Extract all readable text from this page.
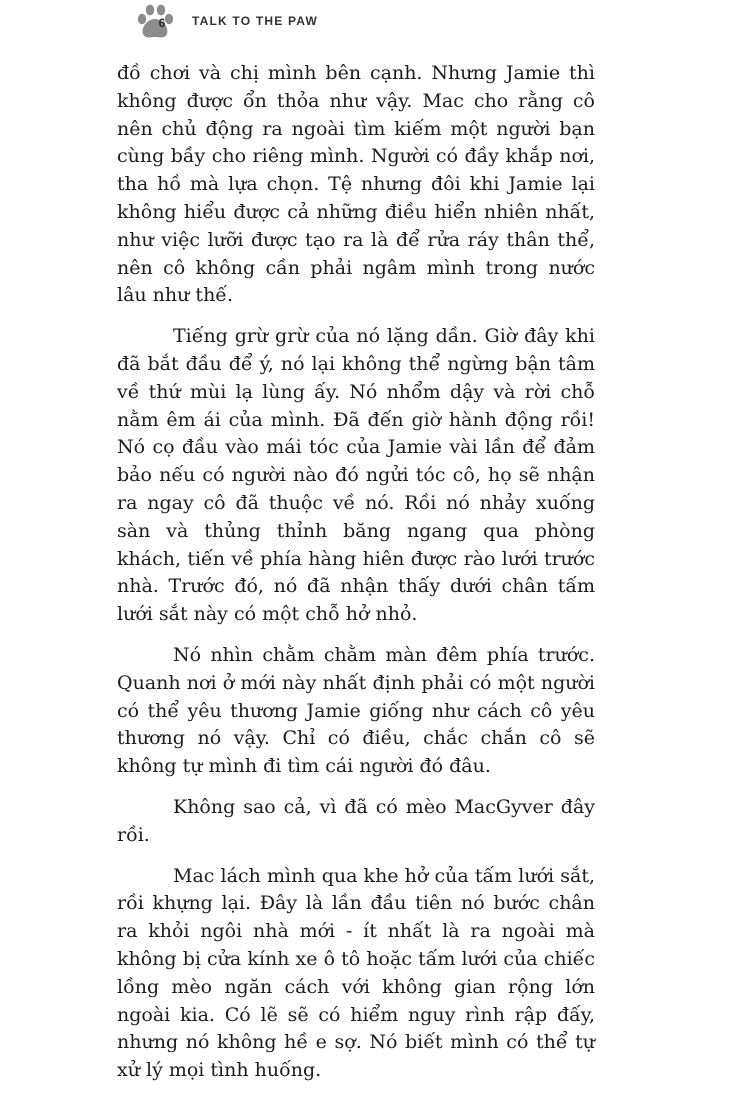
6	TALK TO THE PAW

đồ chơi và chị mình bên cạnh. Nhưng Jamie thì không được ổn thỏa như vậy. Mac cho rằng cô nên chủ động ra ngoài tìm kiếm một người bạn cùng bầy cho riêng mình. Người có đầy khắp nơi, tha hồ mà lựa chọn. Tệ nhưng đôi khi Jamie lại không hiểu được cả những điều hiển nhiên nhất, như việc lưỡi được tạo ra là để rửa ráy thân thể, nên cô không cần phải ngâm mình trong nước lâu như thế.

Tiếng grừ grừ của nó lặng dần. Giờ đây khi đã bắt đầu để ý, nó lại không thể ngừng bận tâm về thứ mùi lạ lùng ấy. Nó nhổm dậy và rời chỗ nằm êm ái của mình. Đã đến giờ hành động rồi! Nó cọ đầu vào mái tóc của Jamie vài lần để đảm bảo nếu có người nào đó ngửi tóc cô, họ sẽ nhận ra ngay cô đã thuộc về nó. Rồi nó nhảy xuống sàn và thủng thỉnh băng ngang qua phòng khách, tiến về phía hàng hiên được rào lưới trước nhà. Trước đó, nó đã nhận thấy dưới chân tấm lưới sắt này có một chỗ hở nhỏ.

Nó nhìn chằm chằm màn đêm phía trước. Quanh nơi ở mới này nhất định phải có một người có thể yêu thương Jamie giống như cách cô yêu thương nó vậy. Chỉ có điều, chắc chắn cô sẽ không tự mình đi tìm cái người đó đâu.

Không sao cả, vì đã có mèo MacGyver đây rồi.

Mac lách mình qua khe hở của tấm lưới sắt, rồi khựng lại. Đây là lần đầu tiên nó bước chân ra khỏi ngôi nhà mới - ít nhất là ra ngoài mà không bị cửa kính xe ô tô hoặc tấm lưới của chiếc lồng mèo ngăn cách với không gian rộng lớn ngoài kia. Có lẽ sẽ có hiểm nguy rình rập đấy, nhưng nó không hề e sợ. Nó biết mình có thể tự xử lý mọi tình huống.
